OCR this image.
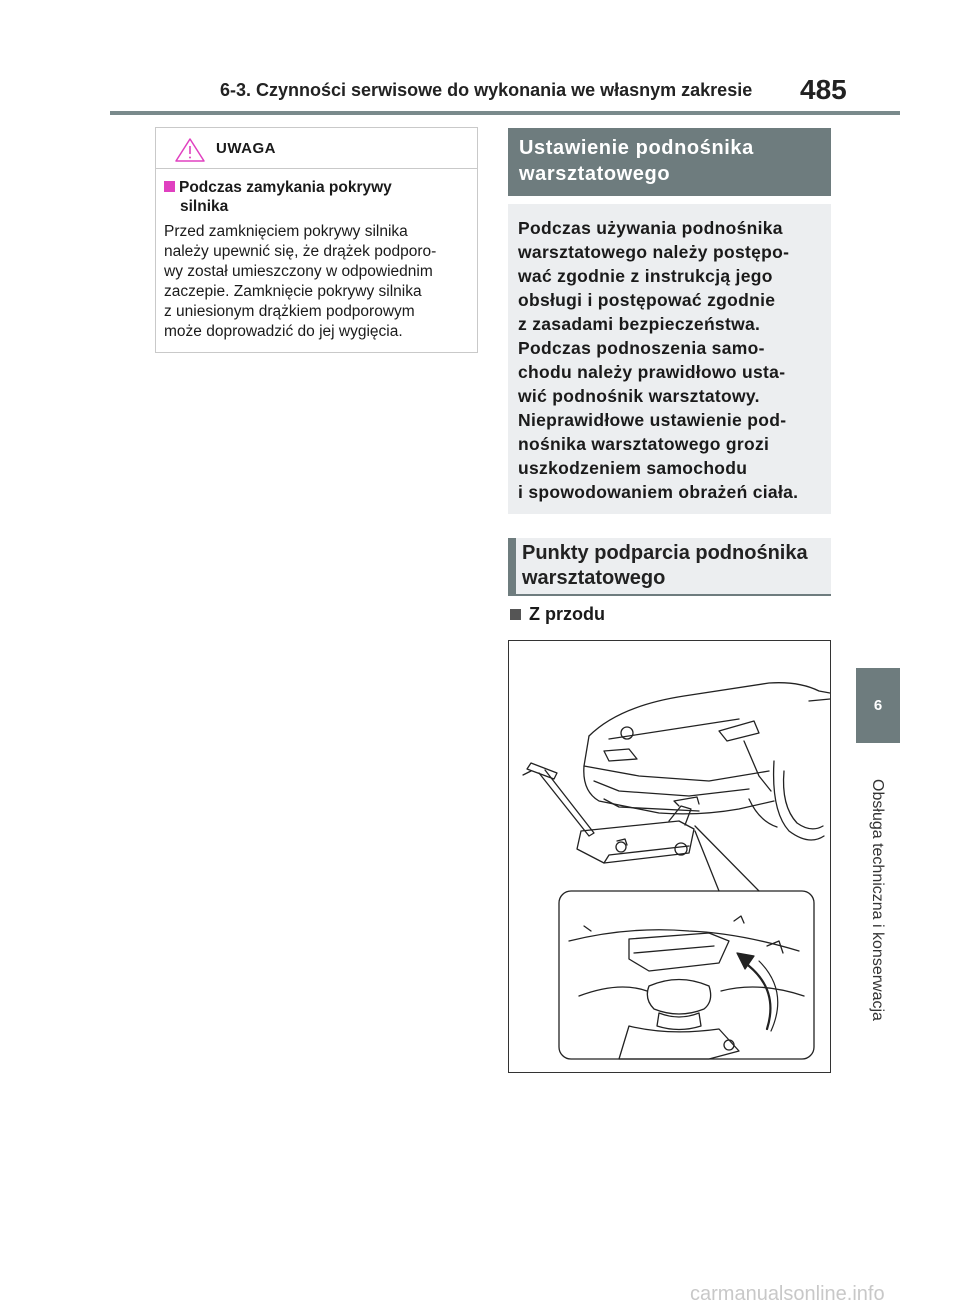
6-3. Czynności serwisowe do wykonania we własnym zakresie 485
UWAGA
Podczas zamykania pokrywy
silnika
Przed zamknięciem pokrywy silnika
należy upewnić się, że drążek podporo-
wy został umieszczony w odpowiednim
zaczepie. Zamknięcie pokrywy silnika
z uniesionym drążkiem podporowym
może doprowadzić do jej wygięcia.
Ustawienie podnośnika
warsztatowego
Podczas używania podnośnika
warsztatowego należy postępo-
wać zgodnie z instrukcją jego
obsługi i postępować zgodnie
z zasadami bezpieczeństwa.
Podczas podnoszenia samo-
chodu należy prawidłowo usta-
wić podnośnik warsztatowy.
Nieprawidłowe ustawienie pod-
nośnika warsztatowego grozi
uszkodzeniem samochodu
i spowodowaniem obrażeń ciała.
Punkty podparcia podnośnika
warsztatowego
Z przodu
6
Obsługa techniczna i konserwacja
carmanualsonline.info
